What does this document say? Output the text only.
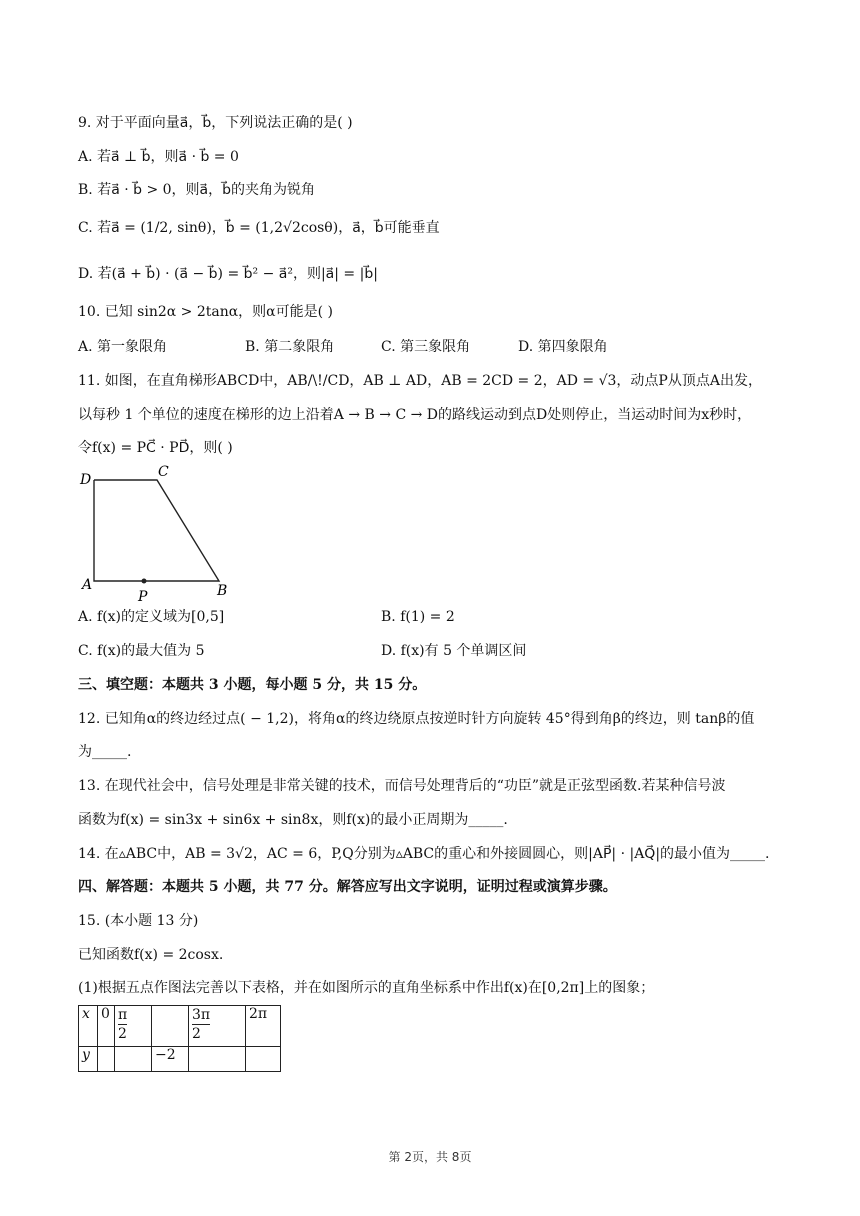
9. 对于平面向量a⃗，b⃗，下列说法正确的是( )
A. 若a⃗ ⊥ b⃗，则a⃗ · b⃗ = 0
B. 若a⃗ · b⃗ > 0，则a⃗，b⃗的夹角为锐角
C. 若a⃗ = (1/2, sinθ)，b⃗ = (1,2√2cosθ)，a⃗，b⃗可能垂直
D. 若(a⃗ + b⃗) · (a⃗ − b⃗) = b⃗² − a⃗²，则|a⃗| = |b⃗|
10. 已知 sin2α > 2tanα，则α可能是( )
A. 第一象限角	B. 第二象限角	C. 第三象限角	D. 第四象限角
11. 如图，在直角梯形ABCD中，AB/\!/CD，AB ⊥ AD，AB = 2CD = 2，AD = √3，动点P从顶点A出发，
以每秒 1 个单位的速度在梯形的边上沿着A → B → C → D的路线运动到点D处则停止，当运动时间为x秒时，
令f(x) = PC⃗ · PD⃗，则( )
D	C
A
P	B
A. f(x)的定义域为[0,5]	B. f(1) = 2
C. f(x)的最大值为 5	D. f(x)有 5 个单调区间
三、填空题：本题共 3 小题，每小题 5 分，共 15 分。
12. 已知角α的终边经过点( − 1,2)，将角α的终边绕原点按逆时针方向旋转 45°得到角β的终边，则 tanβ的值
为_____.
13. 在现代社会中，信号处理是非常关键的技术，而信号处理背后的“功臣”就是正弦型函数.若某种信号波
函数为f(x) = sin3x + sin6x + sin8x，则f(x)的最小正周期为_____.
14. 在▵ABC中，AB = 3√2，AC = 6，P,Q分别为▵ABC的重心和外接圆圆心，则|AP⃗| · |AQ⃗|的最小值为_____.
四、解答题：本题共 5 小题，共 77 分。解答应写出文字说明，证明过程或演算步骤。
15. (本小题 13 分)
已知函数f(x) = 2cosx.
(1)根据五点作图法完善以下表格，并在如图所示的直角坐标系中作出f(x)在[0,2π]上的图象；
x	0	$\frac{\pi}{2}$		$\frac{3\pi}{2}$	2π
y			−2		
第 2页，共 8页
